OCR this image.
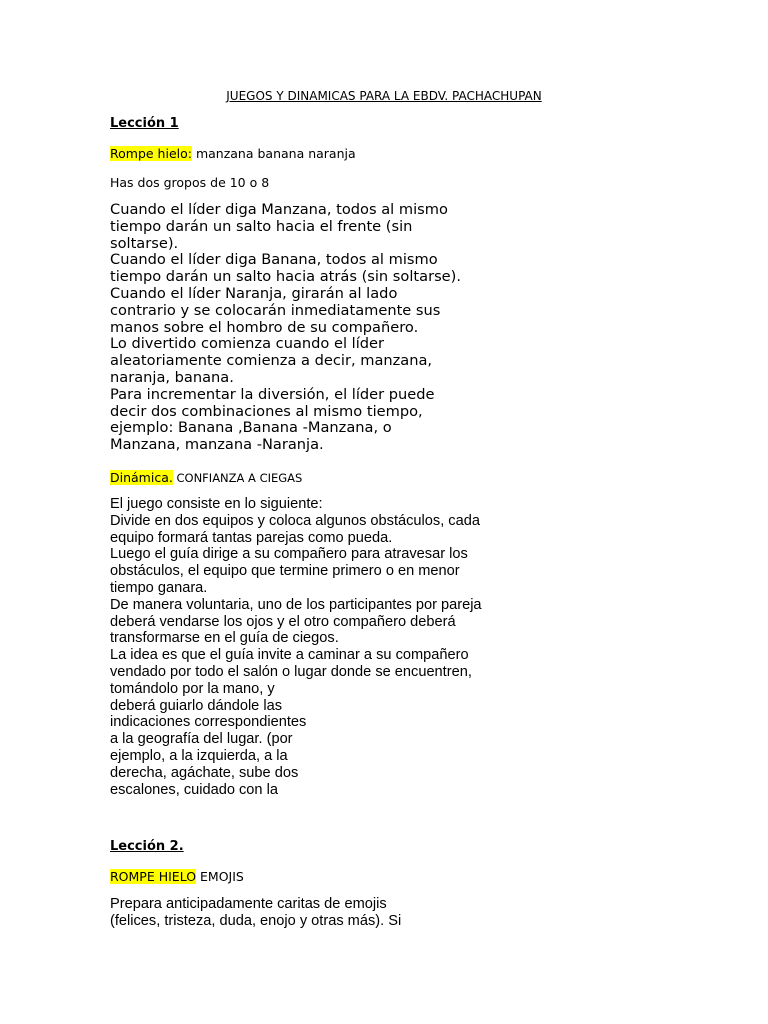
JUEGOS Y DINAMICAS PARA LA EBDV. PACHACHUPAN
Lección 1
Rompe hielo: manzana banana naranja
Has dos gropos de 10 o 8
Cuando el líder diga Manzana, todos al mismo
tiempo darán un salto hacia el frente (sin
soltarse).
Cuando el líder diga Banana, todos al mismo
tiempo darán un salto hacia atrás (sin soltarse).
Cuando el líder Naranja, girarán al lado
contrario y se colocarán inmediatamente sus
manos sobre el hombro de su compañero.
Lo divertido comienza cuando el líder
aleatoriamente comienza a decir, manzana,
naranja, banana.
Para incrementar la diversión, el líder puede
decir dos combinaciones al mismo tiempo,
ejemplo: Banana ,Banana -Manzana, o
Manzana, manzana -Naranja.
Dinámica. CONFIANZA A CIEGAS
El juego consiste en lo siguiente:
Divide en dos equipos y coloca algunos obstáculos, cada
equipo formará tantas parejas como pueda.
Luego el guía dirige a su compañero para atravesar los
obstáculos, el equipo que termine primero o en menor
tiempo ganara.
De manera voluntaria, uno de los participantes por pareja
deberá vendarse los ojos y el otro compañero deberá
transformarse en el guía de ciegos.
La idea es que el guía invite a caminar a su compañero
vendado por todo el salón o lugar donde se encuentren,
tomándolo por la mano, y
deberá guiarlo dándole las
indicaciones correspondientes
a la geografía del lugar. (por
ejemplo, a la izquierda, a la
derecha, agáchate, sube dos
escalones, cuidado con la
Lección 2.
ROMPE HIELO EMOJIS
Prepara anticipadamente caritas de emojis
(felices, tristeza, duda, enojo y otras más). Si
